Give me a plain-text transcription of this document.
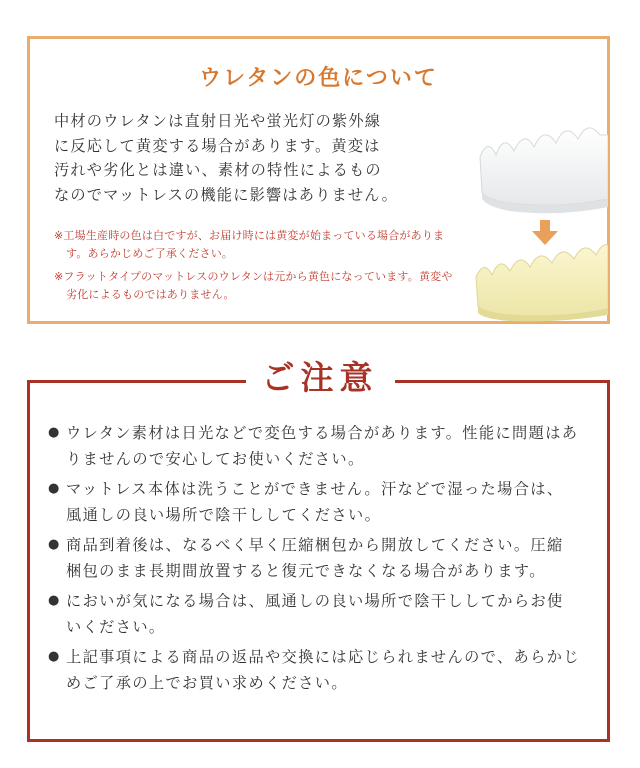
ウレタンの色について

中材のウレタンは直射日光や蛍光灯の紫外線

に反応して黄変する場合があります。黄変は

汚れや劣化とは違い、素材の特性によるもの

なのでマットレスの機能に影響はありません。

※工場生産時の色は白ですが、お届け時には黄変が始まっている場合があります。あらかじめご了承ください。

※フラットタイプのマットレスのウレタンは元から黄色になっています。黄変や劣化によるものではありません。

ご注意
● ウレタン素材は日光などで変色する場合があります。性能に問題はありませんので安心してお使いください。
● マットレス本体は洗うことができません。汗などで湿った場合は、風通しの良い場所で陰干ししてください。
● 商品到着後は、なるべく早く圧縮梱包から開放してください。圧縮梱包のまま長期間放置すると復元できなくなる場合があります。
● においが気になる場合は、風通しの良い場所で陰干ししてからお使いください。
● 上記事項による商品の返品や交換には応じられませんので、あらかじめご了承の上でお買い求めください。
